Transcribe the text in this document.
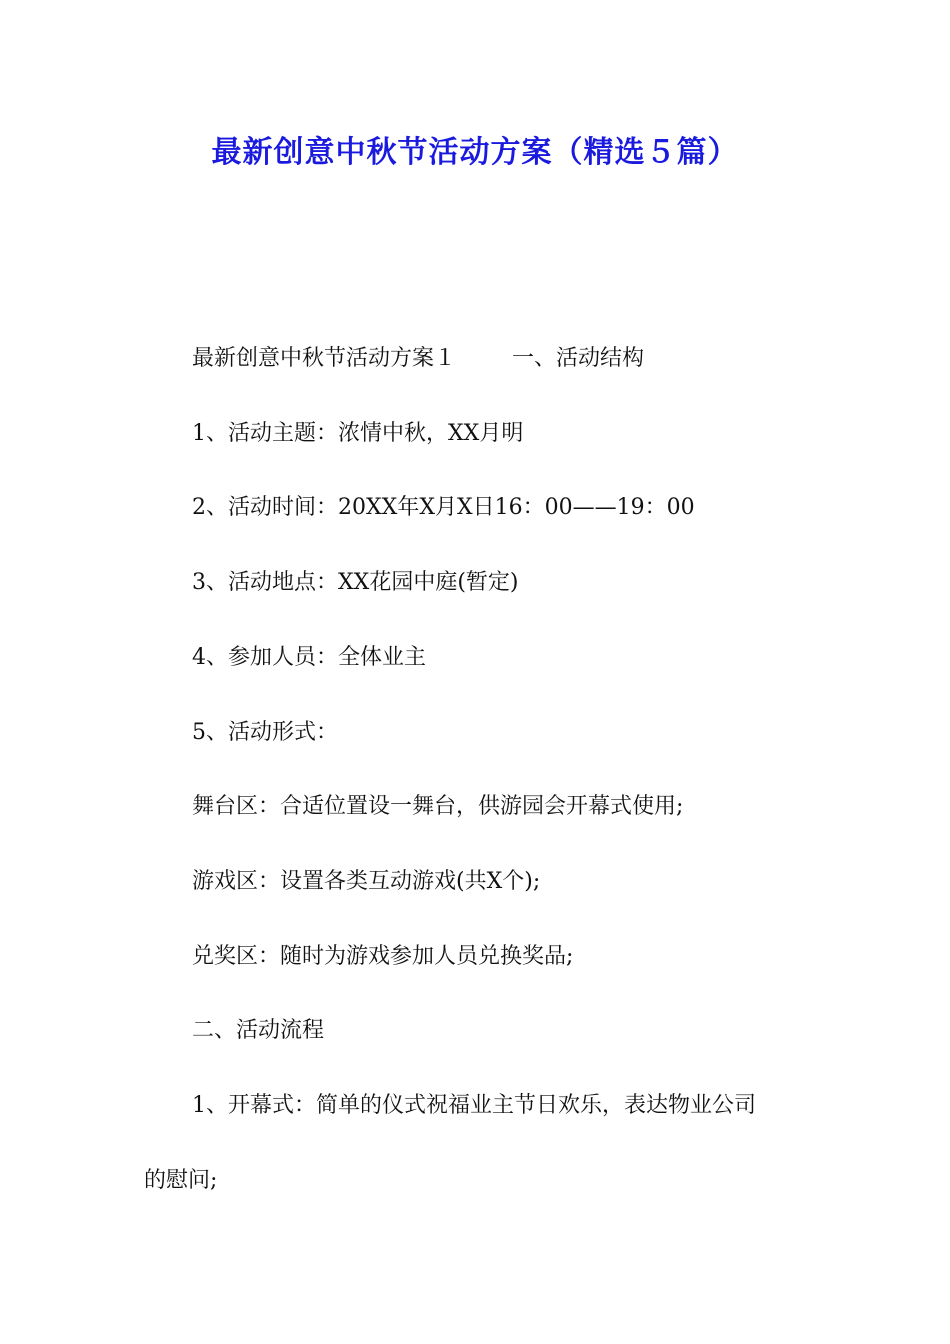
最新创意中秋节活动方案（精选５篇）
最新创意中秋节活动方案１	一、活动结构
1、活动主题：浓情中秋，XX月明
2、活动时间：20XX年X月X日16：00——19：00
3、活动地点：XX花园中庭(暂定)
4、参加人员：全体业主
5、活动形式：
舞台区：合适位置设一舞台，供游园会开幕式使用;
游戏区：设置各类互动游戏(共X个);
兑奖区：随时为游戏参加人员兑换奖品;
二、活动流程
1、开幕式：简单的仪式祝福业主节日欢乐，表达物业公司
的慰问;
